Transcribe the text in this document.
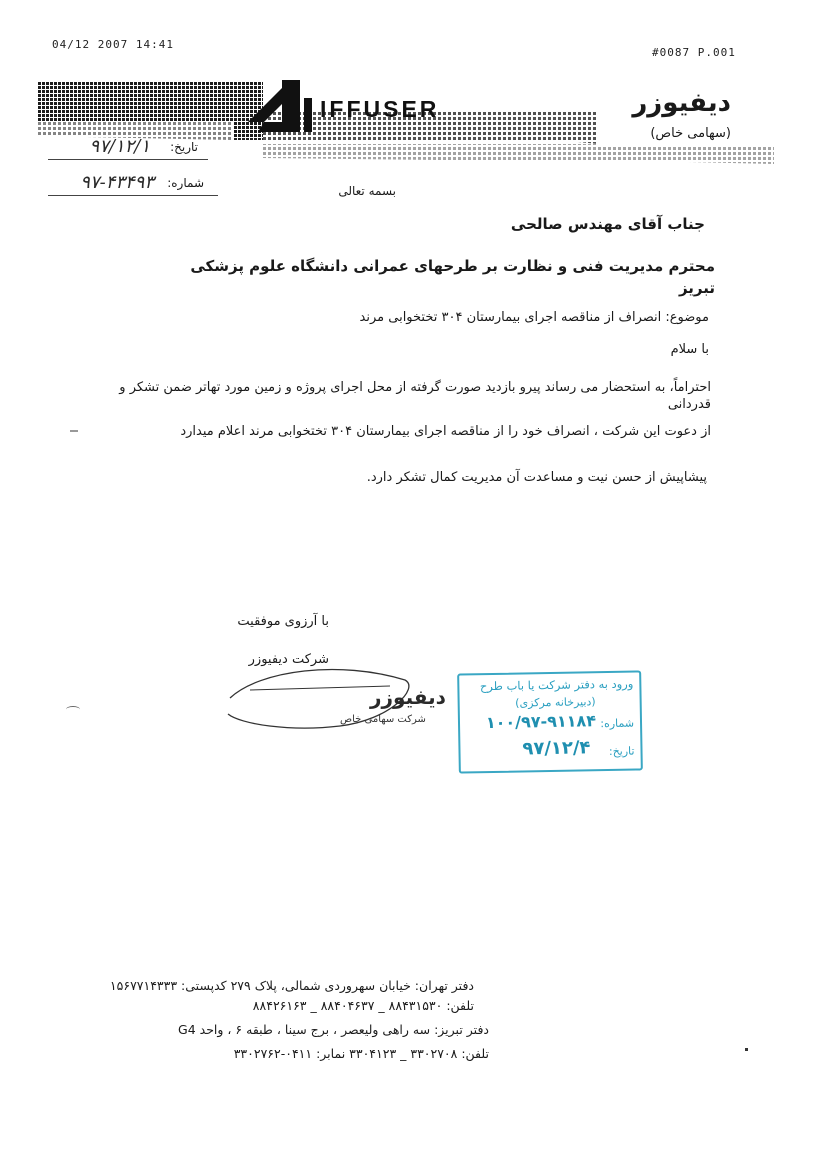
04/12 2007 14:41
#0087 P.001
IFFUSER	دیفیوزر
(سهامی خاص)
تاریخ:
۹۷/۱۲/۱
شماره:
۹۷-۴۳۴۹۳	بسمه تعالی
جناب آقای مهندس صالحی
محترم مدیریت فنی و نظارت بر طرحهای عمرانی دانشگاه علوم پزشکی تبریز
موضوع: انصراف از مناقصه اجرای بیمارستان ۳۰۴ تختخوابی مرند
با سلام
احتراماً، به استحضار می رساند پیرو بازدید صورت گرفته از محل اجرای پروژه و زمین مورد تهاتر ضمن تشکر و قدردانی
از دعوت این شرکت ، انصراف خود را از مناقصه اجرای بیمارستان ۳۰۴ تختخوابی مرند اعلام میدارد
پیشاپیش از حسن نیت و مساعدت آن مدیریت کمال تشکر دارد.
با آرزوی موفقیت
شرکت دیفیوزر
دیفیوزر
شرکت سهامی خاص
ورود به دفتر شرکت یا باب طرح
(دبیرخانه مرکزی)
شماره:
۱۰۰/۹۷-۹۱۱۸۴
تاریخ:
۹۷/۱۲/۴
دفتر تهران: خیابان سهروردی شمالی، پلاک ۲۷۹ کدپستی: ۱۵۶۷۷۱۴۳۳۳
تلفن: ۸۸۴۳۱۵۳۰ _ ۸۸۴۰۴۶۳۷ _ ۸۸۴۲۶۱۶۳
دفتر تبریز: سه راهی ولیعصر ، برج سینا ، طبقه ۶ ، واحد G4
تلفن: ۳۳۰۲۷۰۸ _ ۳۳۰۴۱۲۳ نمابر: ۰۴۱۱-۳۳۰۲۷۶۲
